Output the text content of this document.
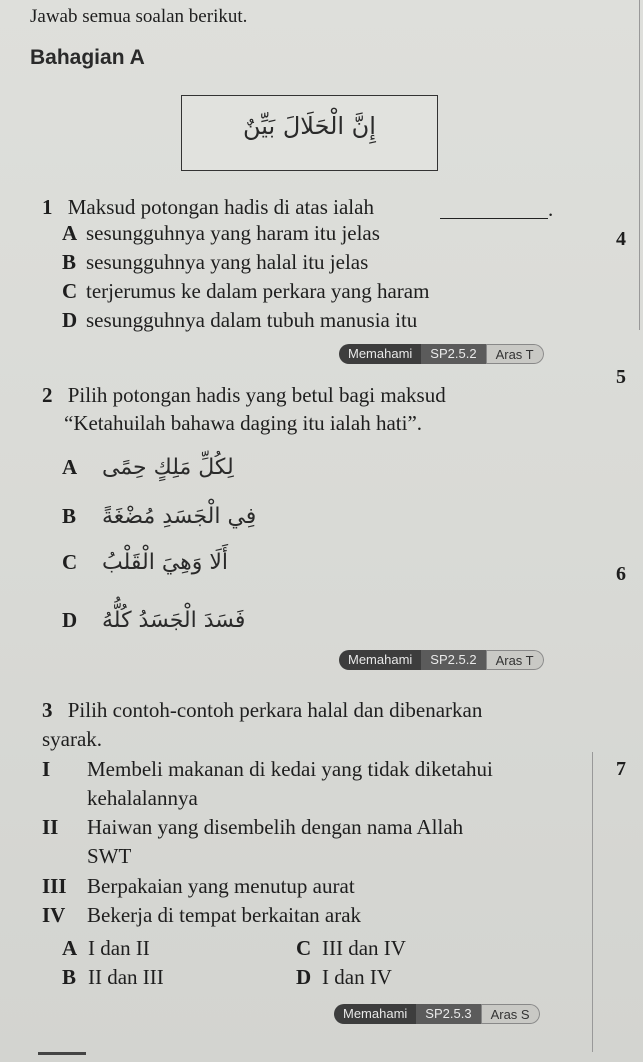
Jawab semua soalan berikut.
Bahagian A
إِنَّ الْحَلَالَ بَيِّنٌ
1 Maksud potongan hadis di atas ialah	.
A sesungguhnya yang haram itu jelas
B sesungguhnya yang halal itu jelas
C terjerumus ke dalam perkara yang haram
D sesungguhnya dalam tubuh manusia itu
Memahami	SP2.5.2	Aras T
2 Pilih potongan hadis yang betul bagi maksud
“Ketahuilah bahawa daging itu ialah hati”.
A لِكُلِّ مَلِكٍ حِمًى
B فِي الْجَسَدِ مُضْغَةً
C أَلَا وَهِيَ الْقَلْبُ
D فَسَدَ الْجَسَدُ كُلُّهُ
Memahami	SP2.5.2	Aras T
3 Pilih contoh-contoh perkara halal dan dibenarkan
syarak.
I Membeli makanan di kedai yang tidak diketahui
kehalalannya
II Haiwan yang disembelih dengan nama Allah
SWT
III Berpakaian yang menutup aurat
IV Bekerja di tempat berkaitan arak
A I dan II
B II dan III
C III dan IV
D I dan IV
Memahami	SP2.5.3	Aras S
4
5
6
7
